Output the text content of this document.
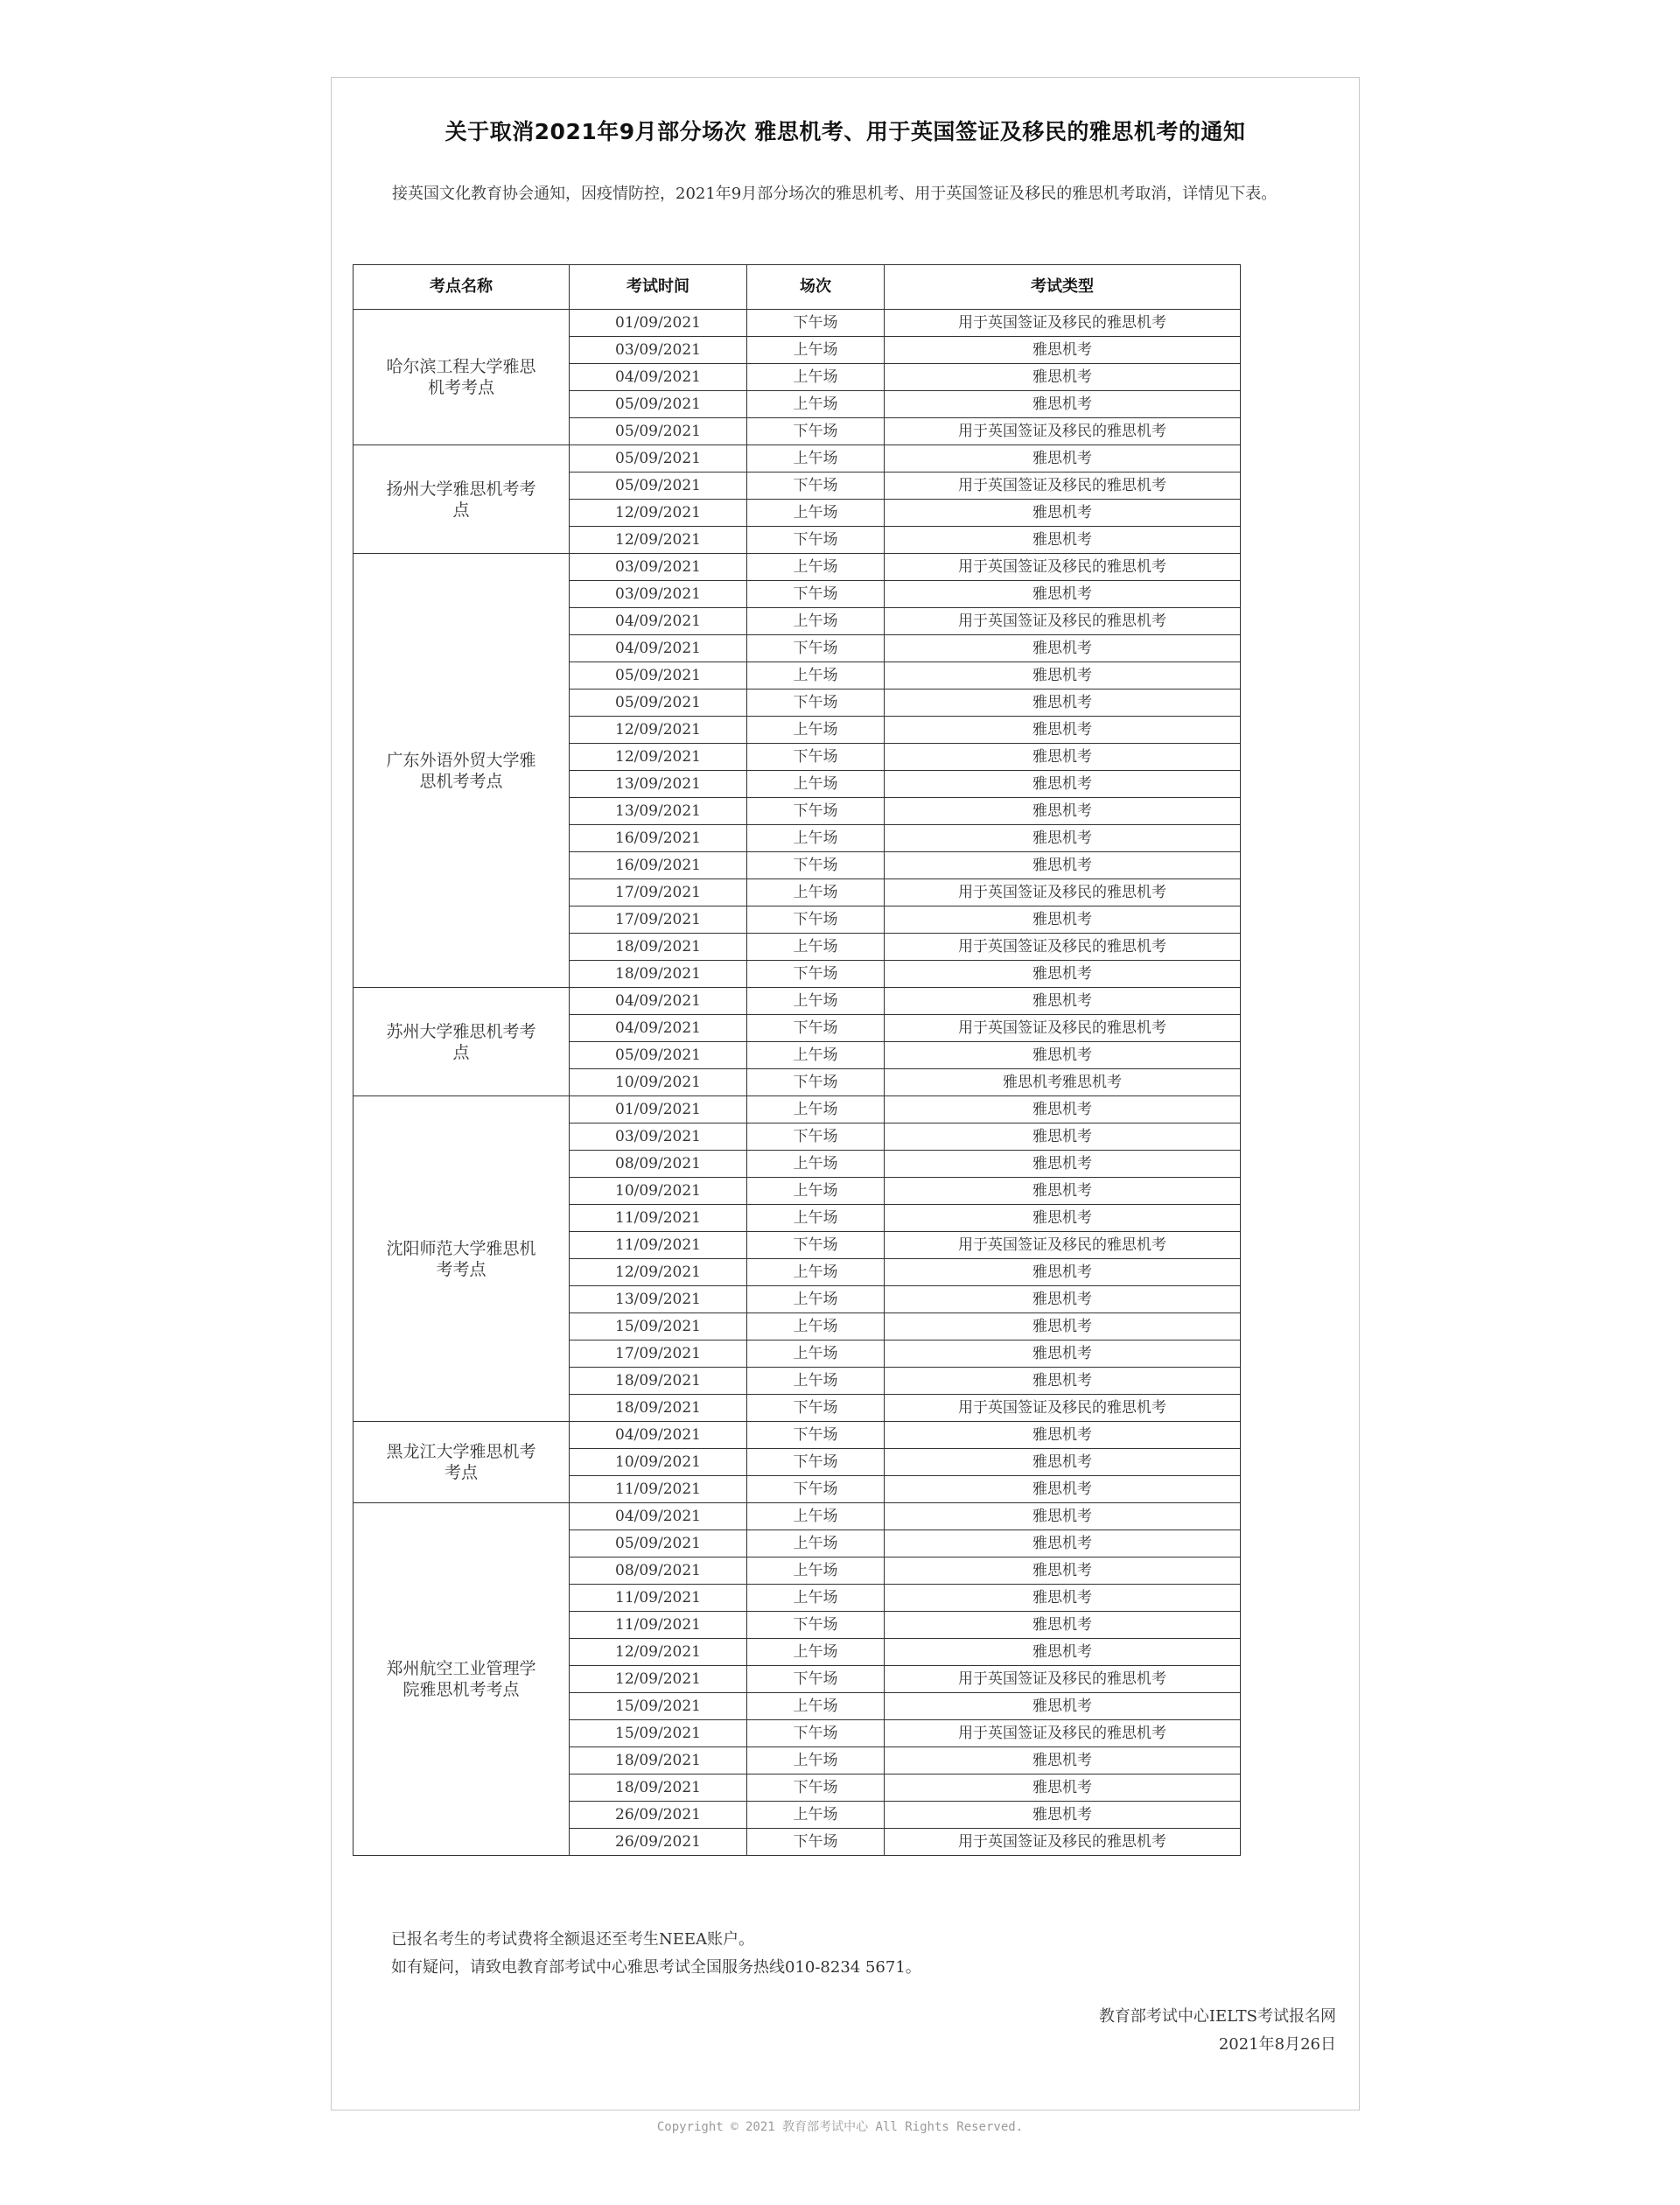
关于取消2021年9月部分场次 雅思机考、用于英国签证及移民的雅思机考的通知
接英国文化教育协会通知，因疫情防控，2021年9月部分场次的雅思机考、用于英国签证及移民的雅思机考取消，详情见下表。
考点名称	考试时间	场次	考试类型
哈尔滨工程大学雅思机考考点	01/09/2021	下午场	用于英国签证及移民的雅思机考
	03/09/2021	上午场	雅思机考
	04/09/2021	上午场	雅思机考
	05/09/2021	上午场	雅思机考
	05/09/2021	下午场	用于英国签证及移民的雅思机考
扬州大学雅思机考考点	05/09/2021	上午场	雅思机考
	05/09/2021	下午场	用于英国签证及移民的雅思机考
	12/09/2021	上午场	雅思机考
	12/09/2021	下午场	雅思机考
广东外语外贸大学雅思机考考点	03/09/2021	上午场	用于英国签证及移民的雅思机考
	03/09/2021	下午场	雅思机考
	04/09/2021	上午场	用于英国签证及移民的雅思机考
	04/09/2021	下午场	雅思机考
	05/09/2021	上午场	雅思机考
	05/09/2021	下午场	雅思机考
	12/09/2021	上午场	雅思机考
	12/09/2021	下午场	雅思机考
	13/09/2021	上午场	雅思机考
	13/09/2021	下午场	雅思机考
	16/09/2021	上午场	雅思机考
	16/09/2021	下午场	雅思机考
	17/09/2021	上午场	用于英国签证及移民的雅思机考
	17/09/2021	下午场	雅思机考
	18/09/2021	上午场	用于英国签证及移民的雅思机考
	18/09/2021	下午场	雅思机考
苏州大学雅思机考考点	04/09/2021	上午场	雅思机考
	04/09/2021	下午场	用于英国签证及移民的雅思机考
	05/09/2021	上午场	雅思机考
	10/09/2021	下午场	雅思机考雅思机考
沈阳师范大学雅思机考考点	01/09/2021	上午场	雅思机考
	03/09/2021	下午场	雅思机考
	08/09/2021	上午场	雅思机考
	10/09/2021	上午场	雅思机考
	11/09/2021	上午场	雅思机考
	11/09/2021	下午场	用于英国签证及移民的雅思机考
	12/09/2021	上午场	雅思机考
	13/09/2021	上午场	雅思机考
	15/09/2021	上午场	雅思机考
	17/09/2021	上午场	雅思机考
	18/09/2021	上午场	雅思机考
	18/09/2021	下午场	用于英国签证及移民的雅思机考
黑龙江大学雅思机考考点	04/09/2021	下午场	雅思机考
	10/09/2021	下午场	雅思机考
	11/09/2021	下午场	雅思机考
郑州航空工业管理学院雅思机考考点	04/09/2021	上午场	雅思机考
	05/09/2021	上午场	雅思机考
	08/09/2021	上午场	雅思机考
	11/09/2021	上午场	雅思机考
	11/09/2021	下午场	雅思机考
	12/09/2021	上午场	雅思机考
	12/09/2021	下午场	用于英国签证及移民的雅思机考
	15/09/2021	上午场	雅思机考
	15/09/2021	下午场	用于英国签证及移民的雅思机考
	18/09/2021	上午场	雅思机考
	18/09/2021	下午场	雅思机考
	26/09/2021	上午场	雅思机考
	26/09/2021	下午场	用于英国签证及移民的雅思机考
已报名考生的考试费将全额退还至考生NEEA账户。
如有疑问，请致电教育部考试中心雅思考试全国服务热线010-8234 5671。
教育部考试中心IELTS考试报名网
2021年8月26日
Copyright © 2021 教育部考试中心 All Rights Reserved.
